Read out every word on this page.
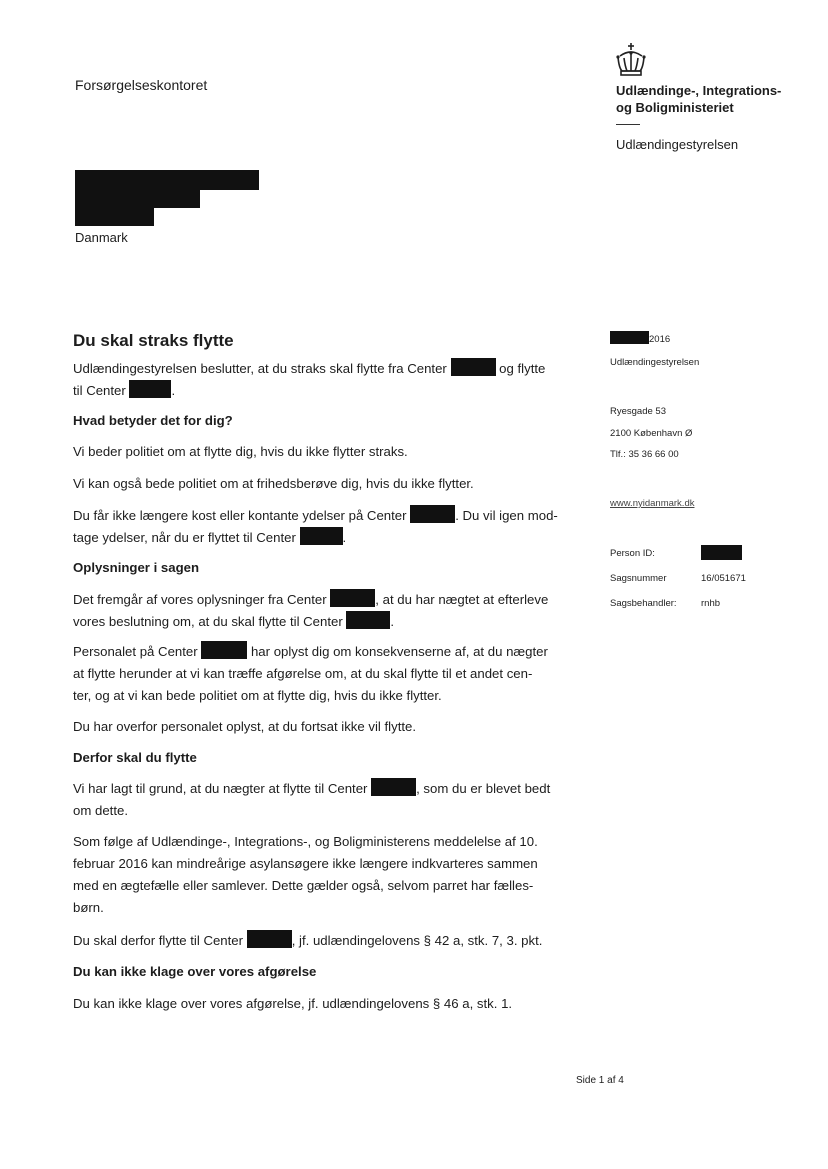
Forsørgelseskontoret
Danmark
Udlændinge-, Integrations-
og Boligministeriet
Udlændingestyrelsen
2016
Udlændingestyrelsen
Ryesgade 53
2100 København Ø
Tlf.: 35 36 66 00
www.nyidanmark.dk
Person ID:
Sagsnummer	16/051671
Sagsbehandler:	rnhb
Du skal straks flytte
Udlændingestyrelsen beslutter, at du straks skal flytte fra Center	og flytte
til Center	.
Hvad betyder det for dig?
Vi beder politiet om at flytte dig, hvis du ikke flytter straks.
Vi kan også bede politiet om at frihedsberøve dig, hvis du ikke flytter.
Du får ikke længere kost eller kontante ydelser på Center	. Du vil igen mod-
tage ydelser, når du er flyttet til Center	.
Oplysninger i sagen
Det fremgår af vores oplysninger fra Center	, at du har nægtet at efterleve
vores beslutning om, at du skal flytte til Center	.
Personalet på Center	har oplyst dig om konsekvenserne af, at du nægter
at flytte herunder at vi kan træffe afgørelse om, at du skal flytte til et andet cen-
ter, og at vi kan bede politiet om at flytte dig, hvis du ikke flytter.
Du har overfor personalet oplyst, at du fortsat ikke vil flytte.
Derfor skal du flytte
Vi har lagt til grund, at du nægter at flytte til Center	, som du er blevet bedt
om dette.
Som følge af Udlændinge-, Integrations-, og Boligministerens meddelelse af 10.
februar 2016 kan mindreårige asylansøgere ikke længere indkvarteres sammen
med en ægtefælle eller samlever. Dette gælder også, selvom parret har fælles-
børn.
Du skal derfor flytte til Center	, jf. udlændingelovens § 42 a, stk. 7, 3. pkt.
Du kan ikke klage over vores afgørelse
Du kan ikke klage over vores afgørelse, jf. udlændingelovens § 46 a, stk. 1.
Side 1 af 4
